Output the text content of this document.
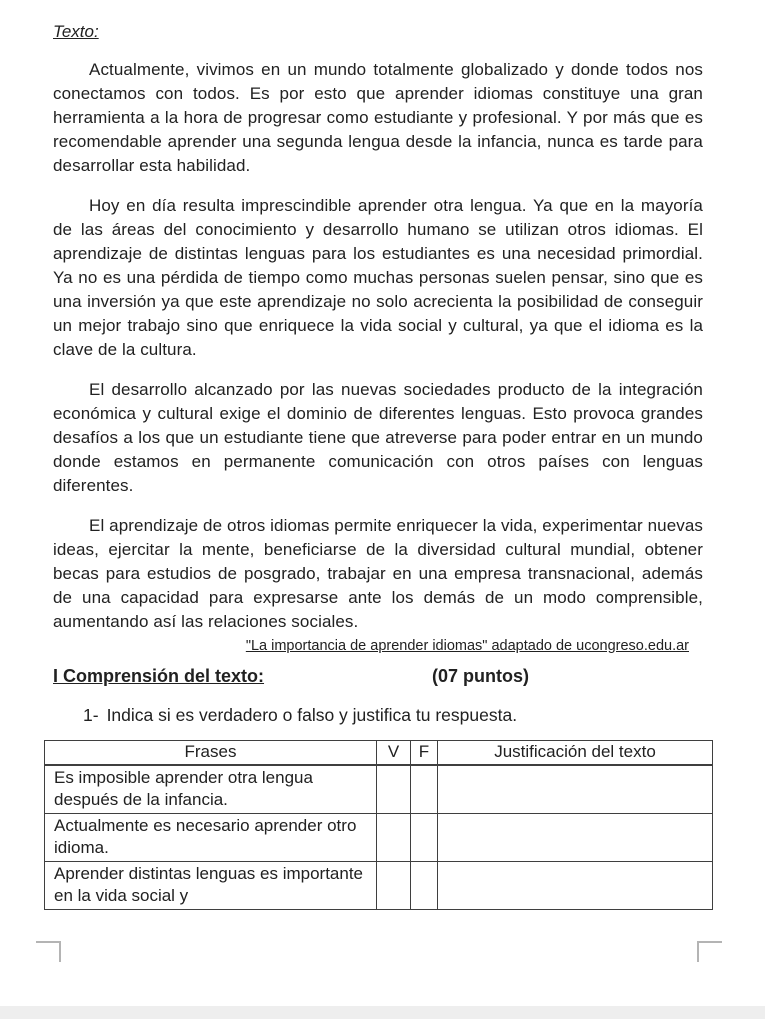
Texto:

Actualmente, vivimos en un mundo totalmente globalizado y donde todos nos conectamos con todos. Es por esto que aprender idiomas constituye una gran herramienta a la hora de progresar como estudiante y profesional. Y por más que es recomendable aprender una segunda lengua desde la infancia, nunca es tarde para desarrollar esta habilidad.

Hoy en día resulta imprescindible aprender otra lengua. Ya que en la mayoría de las áreas del conocimiento y desarrollo humano se utilizan otros idiomas. El aprendizaje de distintas lenguas para los estudiantes es una necesidad primordial. Ya no es una pérdida de tiempo como muchas personas suelen pensar, sino que es una inversión ya que este aprendizaje no solo acrecienta la posibilidad de conseguir un mejor trabajo sino que enriquece la vida social y cultural, ya que el idioma es la clave de la cultura.

El desarrollo alcanzado por las nuevas sociedades producto de la integración económica y cultural exige el dominio de diferentes lenguas. Esto provoca grandes desafíos a los que un estudiante tiene que atreverse para poder entrar en un mundo donde estamos en permanente comunicación con otros países con lenguas diferentes.

El aprendizaje de otros idiomas permite enriquecer la vida, experimentar nuevas ideas, ejercitar la mente, beneficiarse de la diversidad cultural mundial, obtener becas para estudios de posgrado, trabajar en una empresa transnacional, además de una capacidad para expresarse ante los demás de un modo comprensible, aumentando así las relaciones sociales.

"La importancia de aprender idiomas" adaptado de ucongreso.edu.ar
I Comprensión del texto:	(07 puntos)
1- Indica si es verdadero o falso y justifica tu respuesta.
Frases	V	F	Justificación del texto
Es imposible aprender otra lengua después de la infancia.			
Actualmente es necesario aprender otro idioma.			
Aprender distintas lenguas es importante en la vida social y			
